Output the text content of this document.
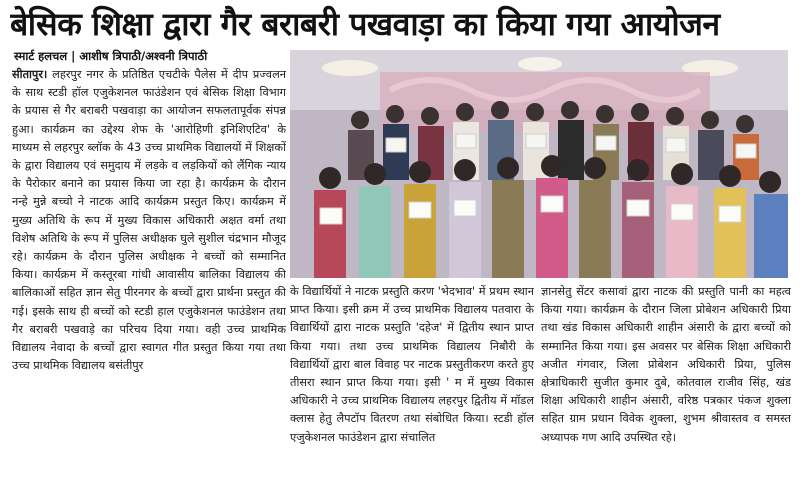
बेसिक शिक्षा द्वारा गैर बराबरी पखवाड़ा का किया गया आयोजन
स्मार्ट हलचल | आशीष त्रिपाठी/अश्वनी त्रिपाठी

सीतापुर। लहरपुर नगर के प्रतिष्ठित एचटीके पैलेस में दीप प्रज्वलन के साथ स्टडी हॉल एजुकेशनल फाउंडेशन एवं बेसिक शिक्षा विभाग के प्रयास से गैर बराबरी पखवाड़ा का आयोजन सफलतापूर्वक संपन्न हुआ। कार्यक्रम का उद्देश्य शेफ के 'आरोहिणी इनिशिएटिव' के माध्यम से लहरपुर ब्लॉक के 43 उच्च प्राथमिक विद्यालयों में शिक्षकों के द्वारा विद्यालय एवं समुदाय में लड़के व लड़कियों को लैंगिक न्याय के पैरोकार बनाने का प्रयास किया जा रहा है। कार्यक्रम के दौरान नन्हे मुन्ने बच्चो ने नाटक आदि कार्यक्रम प्रस्तुत किए। कार्यक्रम में मुख्य अतिथि के रूप में मुख्य विकास अधिकारी अक्षत वर्मा तथा विशेष अतिथि के रूप में पुलिस अधीक्षक घुले सुशील चंद्रभान मौजूद रहे। कार्यक्रम के दौरान पुलिस अधीक्षक ने बच्चों को सम्मानित किया। कार्यक्रम में कस्तूरबा गांधी आवासीय बालिका विद्यालय की बालिकाओं सहित ज्ञान सेतु पीरनगर के बच्चों द्वारा प्रार्थना प्रस्तुत की गई। इसके साथ ही बच्चों को स्टडी हाल एजुकेशनल फाउंडेशन तथा गैर बराबरी पखवाड़े का परिचय दिया गया। वही उच्च प्राथमिक विद्यालय नेवादा के बच्चों द्वारा स्वागत गीत प्रस्तुत किया गया तथा उच्च प्राथमिक विद्यालय बसंतीपुर

के विद्यार्थियों ने नाटक प्रस्तुति करण 'भेदभाव' में प्रथम स्थान प्राप्त किया। इसी क्रम में उच्च प्राथमिक विद्यालय पतवारा के विद्यार्थियों द्वारा नाटक प्रस्तुति 'दहेज' में द्वितीय स्थान प्राप्त किया गया। तथा उच्च प्राथमिक विद्यालय निबौरी के विद्यार्थियों द्वारा बाल विवाह पर नाटक प्रस्तुतीकरण करते हुए तीसरा स्थान प्राप्त किया गया। इसी ' म में मुख्य विकास अधिकारी ने उच्च प्राथमिक विद्यालय लहरपुर द्वितीय में मॉडल क्लास हेतु लैपटॉप वितरण तथा संबोधित किया। स्टडी हॉल एजुकेशनल फाउंडेशन द्वारा संचालित

ज्ञानसेतु सेंटर कसावां द्वारा नाटक की प्रस्तुति पानी का महत्व किया गया। कार्यक्रम के दौरान जिला प्रोबेशन अधिकारी प्रिया तथा खंड विकास अधिकारी शाहीन अंसारी के द्वारा बच्चों को सम्मानित किया गया। इस अवसर पर बेसिक शिक्षा अधिकारी अजीत गंगवार, जिला प्रोबेशन अधिकारी प्रिया, पुलिस क्षेत्राधिकारी सुजीत कुमार दुबे, कोतवाल राजीव सिंह, खंड शिक्षा अधिकारी शाहीन अंसारी, वरिष्ठ पत्रकार पंकज शुक्ला सहित ग्राम प्रधान विवेक शुक्ला, शुभम श्रीवास्तव व समस्त अध्यापक गण आदि उपस्थित रहे।
